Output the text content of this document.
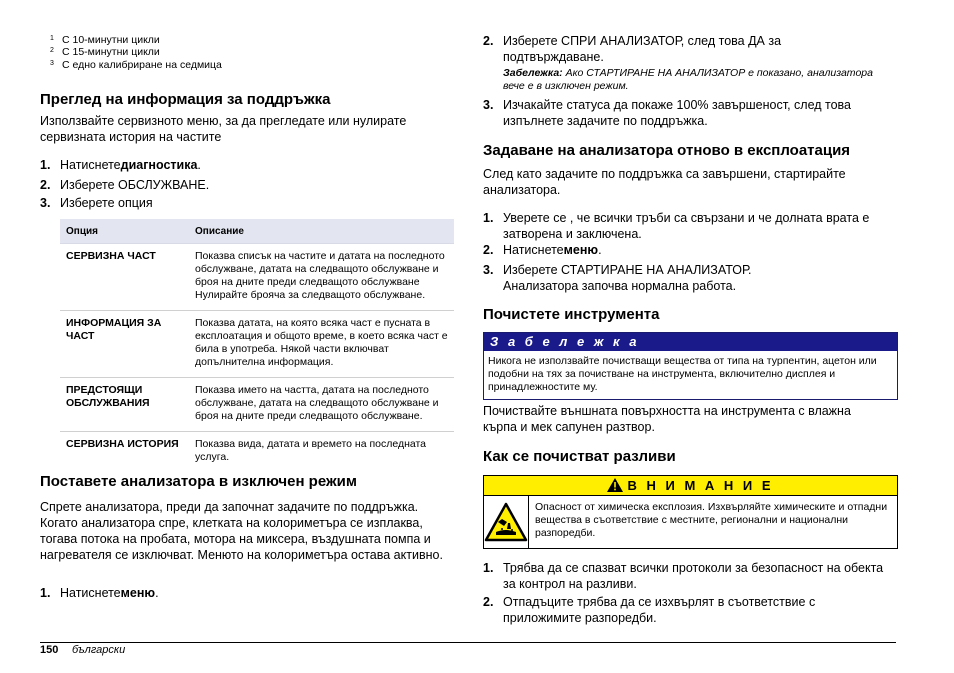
1 С 10-минутни цикли
2 С 15-минутни цикли
3 С едно калибриране на седмица
Преглед на информация за поддръжка

Използвайте сервизното меню, за да прегледате или нулирате сервизната история на частите

1. Натиснетедиагностика.
2. Изберете ОБСЛУЖВАНЕ.
3. Изберете опция
Опция	Описание
СЕРВИЗНА ЧАСТ	Показва списък на частите и датата на последното обслужване, датата на следващото обслужване и броя на дните преди следващото обслужване Нулирайте брояча за следващото обслужване.
ИНФОРМАЦИЯ ЗА ЧАСТ	Показва датата, на която всяка част е пусната в експлоатация и общото време, в което всяка част е била в употреба. Някой части включват допълнителна информация.
ПРЕДСТОЯЩИ ОБСЛУЖВАНИЯ	Показва името на частта, датата на последното обслужване, датата на следващото обслужване и броя на дните преди следващото обслужване.
СЕРВИЗНА ИСТОРИЯ	Показва вида, датата и времето на последната услуга.
Поставете анализатора в изключен режим

Спрете анализатора, преди да започнат задачите по поддръжка. Когато анализатора спре, клетката на колориметъра се изплаква, тогава потока на пробата, мотора на миксера, въздушната помпа и нагревателя се изключват. Менюто на колориметъра остава активно.

1. Натиснетеменю.
2. Изберете СПРИ АНАЛИЗАТОР, след това ДА за подтвърждаване.
Забележка: Ако СТАРТИРАНЕ НА АНАЛИЗАТОР е показано, анализатора вече е в изключен режим.
3. Изчакайте статуса да покаже 100% завършеност, след това изпълнете задачите по поддръжка.
Задаване на анализатора отново в експлоатация

След като задачите по поддръжка са завършени, стартирайте анализатора.

1. Уверете се , че всички тръби са свързани и че долната врата е затворена и заключена.
2. Натиснетеменю.
3. Изберете СТАРТИРАНЕ НА АНАЛИЗАТОР.
Анализатора започва нормална работа.
Почистете инструмента
З а б е л е ж к а
Никога не използвайте почистващи вещества от типа на турпентин, ацетон или подобни на тях за почистване на инструмента, включително дисплея и принадлежностите му.

Почиствайте външната повърхността на инструмента с влажна кърпа и мек сапунен разтвор.

Как се почистват разливи
В Н И М А Н И Е
Опасност от химическа експлозия. Изхвърляйте химическите и отпадни вещества в съответствие с местните, регионални и национални разпоредби.
1. Трябва да се спазват всички протоколи за безопасност на обекта за контрол на разливи.
2. Отпадъците трябва да се изхвърлят в съответствие с приложимите разпоредби.
150 български
